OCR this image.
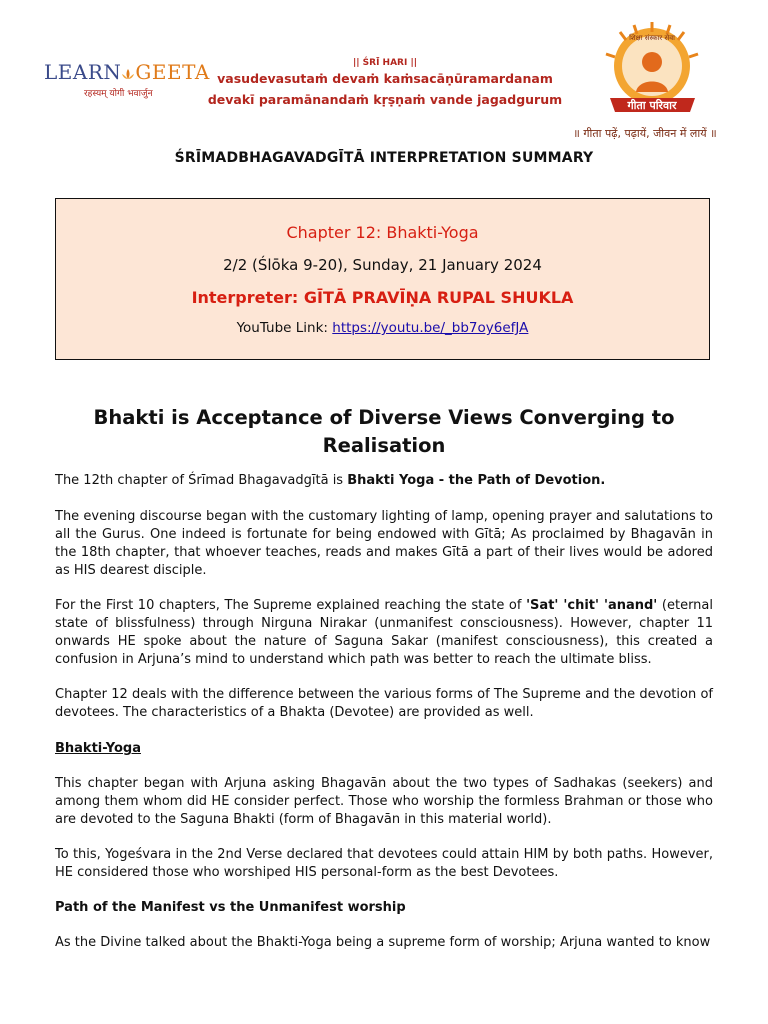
LEARN GEETA
रहस्यम् योगी भवार्जुन
|| ŚRĪ HARI ||
vasudevasutaṁ devaṁ kaṁsacāṇūramardanam
devakī paramānandaṁ kṛṣṇaṁ vande jagadgurum	गीता परिवार
शिक्षा संस्कार सेवा
॥ गीता पढ़ें, पढ़ायें, जीवन में लायें ॥
ŚRĪMADBHAGAVADGĪTĀ INTERPRETATION SUMMARY
Chapter 12: Bhakti-Yoga
2/2 (Ślōka 9-20), Sunday, 21 January 2024
Interpreter: GĪTĀ PRAVĪṆA RUPAL SHUKLA
YouTube Link: https://youtu.be/_bb7oy6efJA
Bhakti is Acceptance of Diverse Views Converging to
Realisation
The 12th chapter of Śrīmad Bhagavadgītā is Bhakti Yoga - the Path of Devotion.
The evening discourse began with the customary lighting of lamp, opening prayer and salutations to all the Gurus. One indeed is fortunate for being endowed with Gītā; As proclaimed by Bhagavān in the 18th chapter, that whoever teaches, reads and makes Gītā a part of their lives would be adored as HIS dearest disciple.
For the First 10 chapters, The Supreme explained reaching the state of 'Sat' 'chit' 'anand' (eternal state of blissfulness) through Nirguna Nirakar (unmanifest consciousness). However, chapter 11 onwards HE spoke about the nature of Saguna Sakar (manifest consciousness), this created a confusion in Arjuna’s mind to understand which path was better to reach the ultimate bliss.
Chapter 12 deals with the difference between the various forms of The Supreme and the devotion of devotees. The characteristics of a Bhakta (Devotee) are provided as well.
Bhakti-Yoga
This chapter began with Arjuna asking Bhagavān about the two types of Sadhakas (seekers) and among them whom did HE consider perfect. Those who worship the formless Brahman or those who are devoted to the Saguna Bhakti (form of Bhagavān in this material world).
To this, Yogeśvara in the 2nd Verse declared that devotees could attain HIM by both paths. However, HE considered those who worshiped HIS personal-form as the best Devotees.
Path of the Manifest vs the Unmanifest worship
As the Divine talked about the Bhakti-Yoga being a supreme form of worship; Arjuna wanted to know
